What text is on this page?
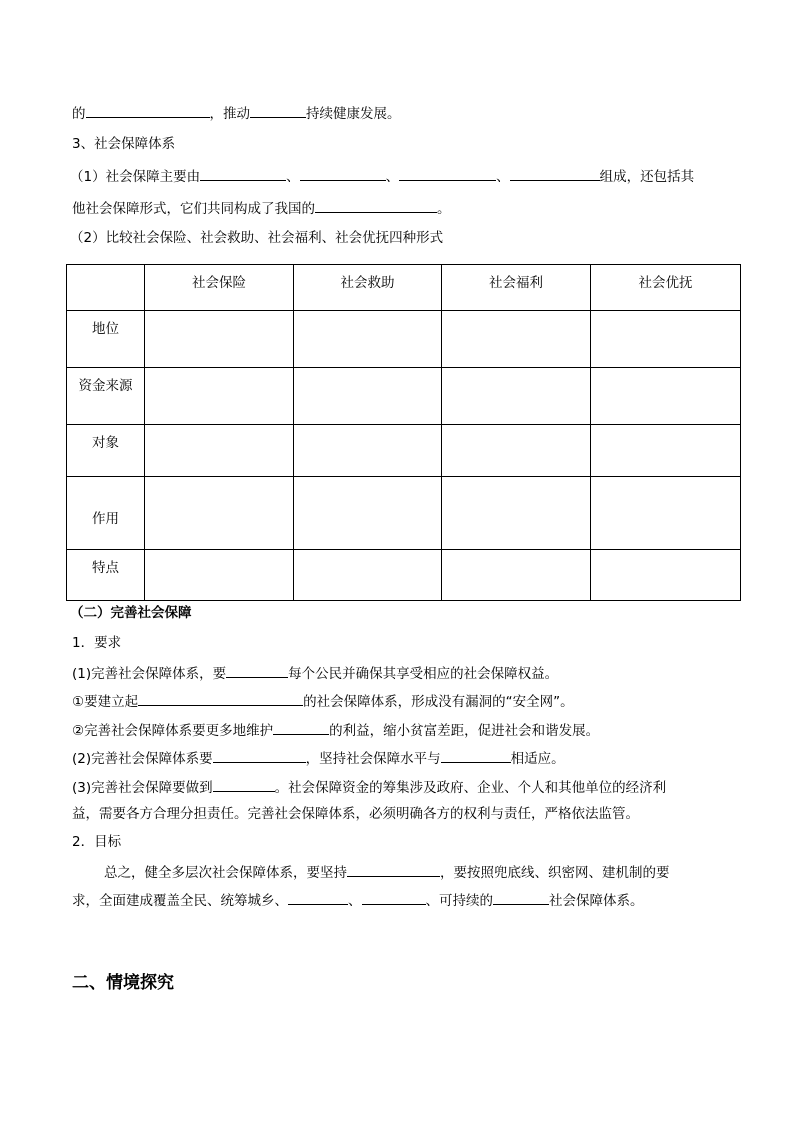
的	，推动	持续健康发展。
3、社会保障体系
（1）社会保障主要由	、	、	、	组成，还包括其
他社会保障形式，它们共同构成了我国的	。
（2）比较社会保险、社会救助、社会福利、社会优抚四种形式
	社会保险	社会救助	社会福利	社会优抚
地位				
资金来源				
对象				
作用				
特点				
（二）完善社会保障
1．要求
(1)完善社会保障体系，要	每个公民并确保其享受相应的社会保障权益。
①要建立起	的社会保障体系，形成没有漏洞的“安全网”。
②完善社会保障体系要更多地维护	的利益，缩小贫富差距，促进社会和谐发展。
(2)完善社会保障体系要	，坚持社会保障水平与	相适应。
(3)完善社会保障要做到	。社会保障资金的筹集涉及政府、企业、个人和其他单位的经济利
益，需要各方合理分担责任。完善社会保障体系，必须明确各方的权利与责任，严格依法监管。
2．目标
总之，健全多层次社会保障体系，要坚持	，要按照兜底线、织密网、建机制的要
求，全面建成覆盖全民、统筹城乡、	、	、可持续的	社会保障体系。
二、情境探究
